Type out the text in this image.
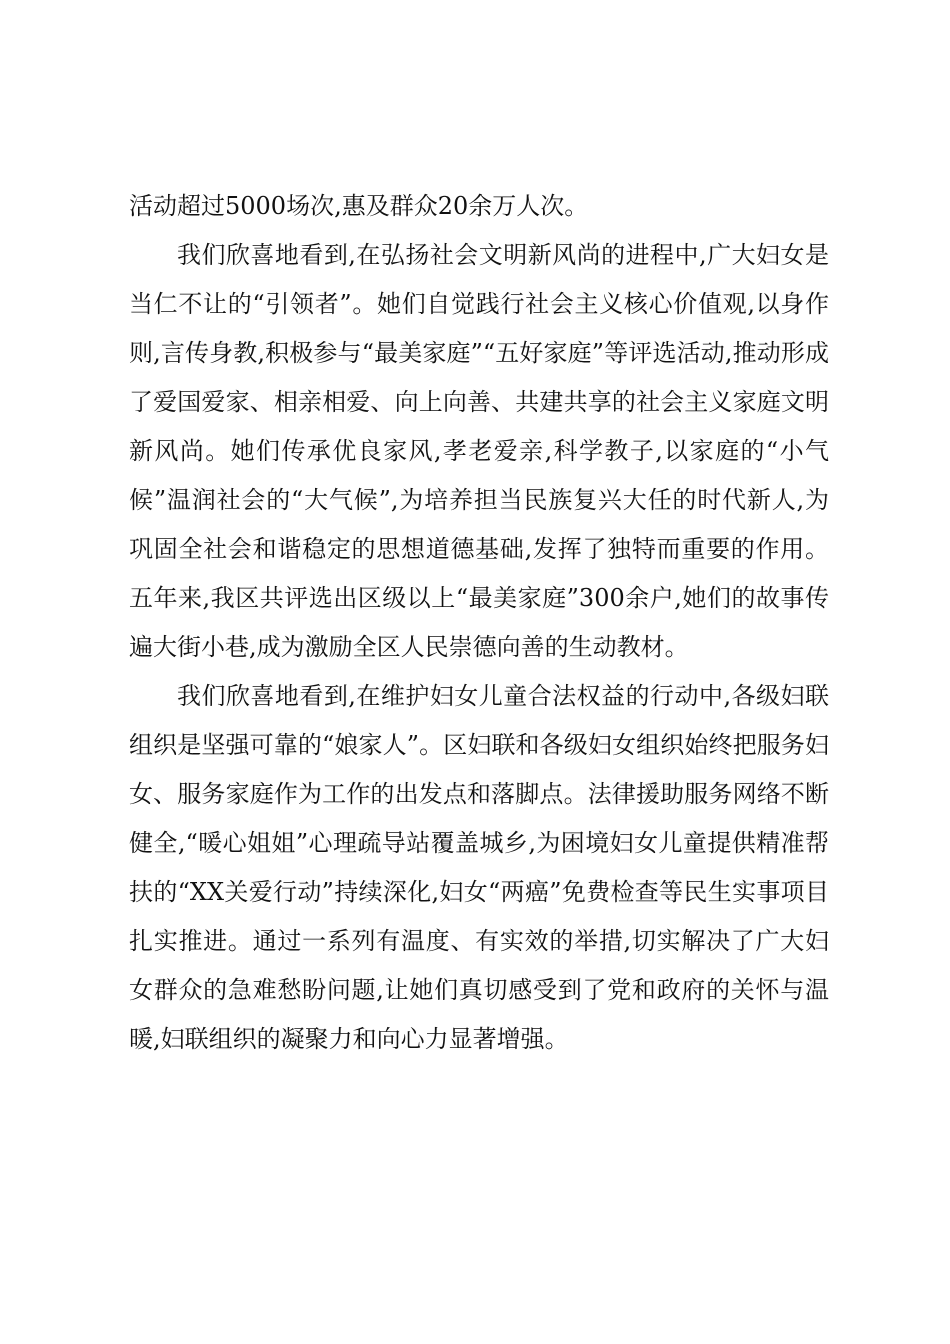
活动超过5000场次,惠及群众20余万人次。

我们欣喜地看到,在弘扬社会文明新风尚的进程中,广大妇女是当仁不让的“引领者”。她们自觉践行社会主义核心价值观,以身作则,言传身教,积极参与“最美家庭”“五好家庭”等评选活动,推动形成了爱国爱家、相亲相爱、向上向善、共建共享的社会主义家庭文明新风尚。她们传承优良家风,孝老爱亲,科学教子,以家庭的“小气候”温润社会的“大气候”,为培养担当民族复兴大任的时代新人,为巩固全社会和谐稳定的思想道德基础,发挥了独特而重要的作用。五年来,我区共评选出区级以上“最美家庭”300余户,她们的故事传遍大街小巷,成为激励全区人民崇德向善的生动教材。

我们欣喜地看到,在维护妇女儿童合法权益的行动中,各级妇联组织是坚强可靠的“娘家人”。区妇联和各级妇女组织始终把服务妇女、服务家庭作为工作的出发点和落脚点。法律援助服务网络不断健全,“暖心姐姐”心理疏导站覆盖城乡,为困境妇女儿童提供精准帮扶的“XX关爱行动”持续深化,妇女“两癌”免费检查等民生实事项目扎实推进。通过一系列有温度、有实效的举措,切实解决了广大妇女群众的急难愁盼问题,让她们真切感受到了党和政府的关怀与温暖,妇联组织的凝聚力和向心力显著增强。
